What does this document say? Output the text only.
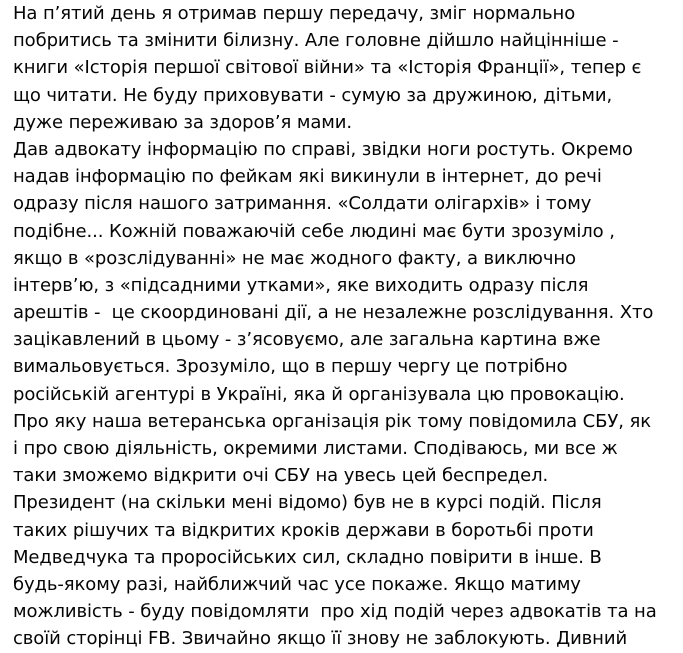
На п’ятий день я отримав першу передачу, зміг нормально
побритись та змінити білизну. Але головне дійшло найцінніше -
книги «Історія першої світової війни» та «Історія Франції», тепер є
що читати. Не буду приховувати - сумую за дружиною, дітьми,
дуже переживаю за здоров’я мами.
Дав адвокату інформацію по справі, звідки ноги ростуть. Окремо
надав інформацію по фейкам які викинули в інтернет, до речі
одразу після нашого затримання. «Солдати олігархів» і тому
подібне... Кожній поважаючій себе людині має бути зрозуміло ,
якщо в «розслідуванні» не має жодного факту, а виключно
інтерв’ю, з «підсадними утками», яке виходить одразу після
арештів -  це скоординовані дії, а не незалежне розслідування. Хто
зацікавлений в цьому - з’ясовуємо, але загальна картина вже
вимальовується. Зрозуміло, що в першу чергу це потрібно
російській агентурі в Україні, яка й організувала цю провокацію.
Про яку наша ветеранська організація рік тому повідомила СБУ, як
і про свою діяльність, окремими листами. Сподіваюсь, ми все ж
таки зможемо відкрити очі СБУ на увесь цей беспредел.
Президент (на скільки мені відомо) був не в курсі подій. Після
таких рішучих та відкритих кроків держави в боротьбі проти
Медведчука та проросійських сил, складно повірити в інше. В
будь-якому разі, найближчий час усе покаже. Якщо матиму
можливість - буду повідомляти  про хід подій через адвокатів та на
своїй сторінці FB. Звичайно якщо її знову не заблокують. Дивний
